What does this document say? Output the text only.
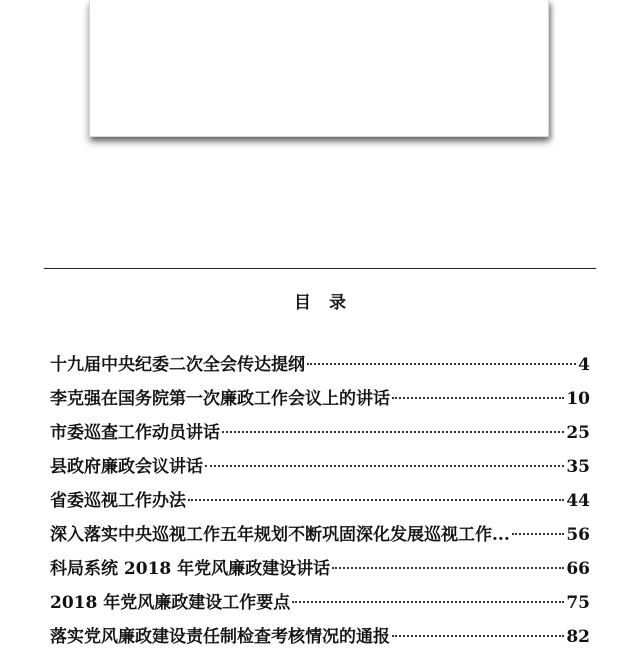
目录
十九届中央纪委二次全会传达提纲	4
李克强在国务院第一次廉政工作会议上的讲话	10
市委巡查工作动员讲话	25
县政府廉政会议讲话	35
省委巡视工作办法	44
深入落实中央巡视工作五年规划不断巩固深化发展巡视工作...	56
科局系统 2018 年党风廉政建设讲话	66
2018 年党风廉政建设工作要点	75
落实党风廉政建设责任制检查考核情况的通报	82
